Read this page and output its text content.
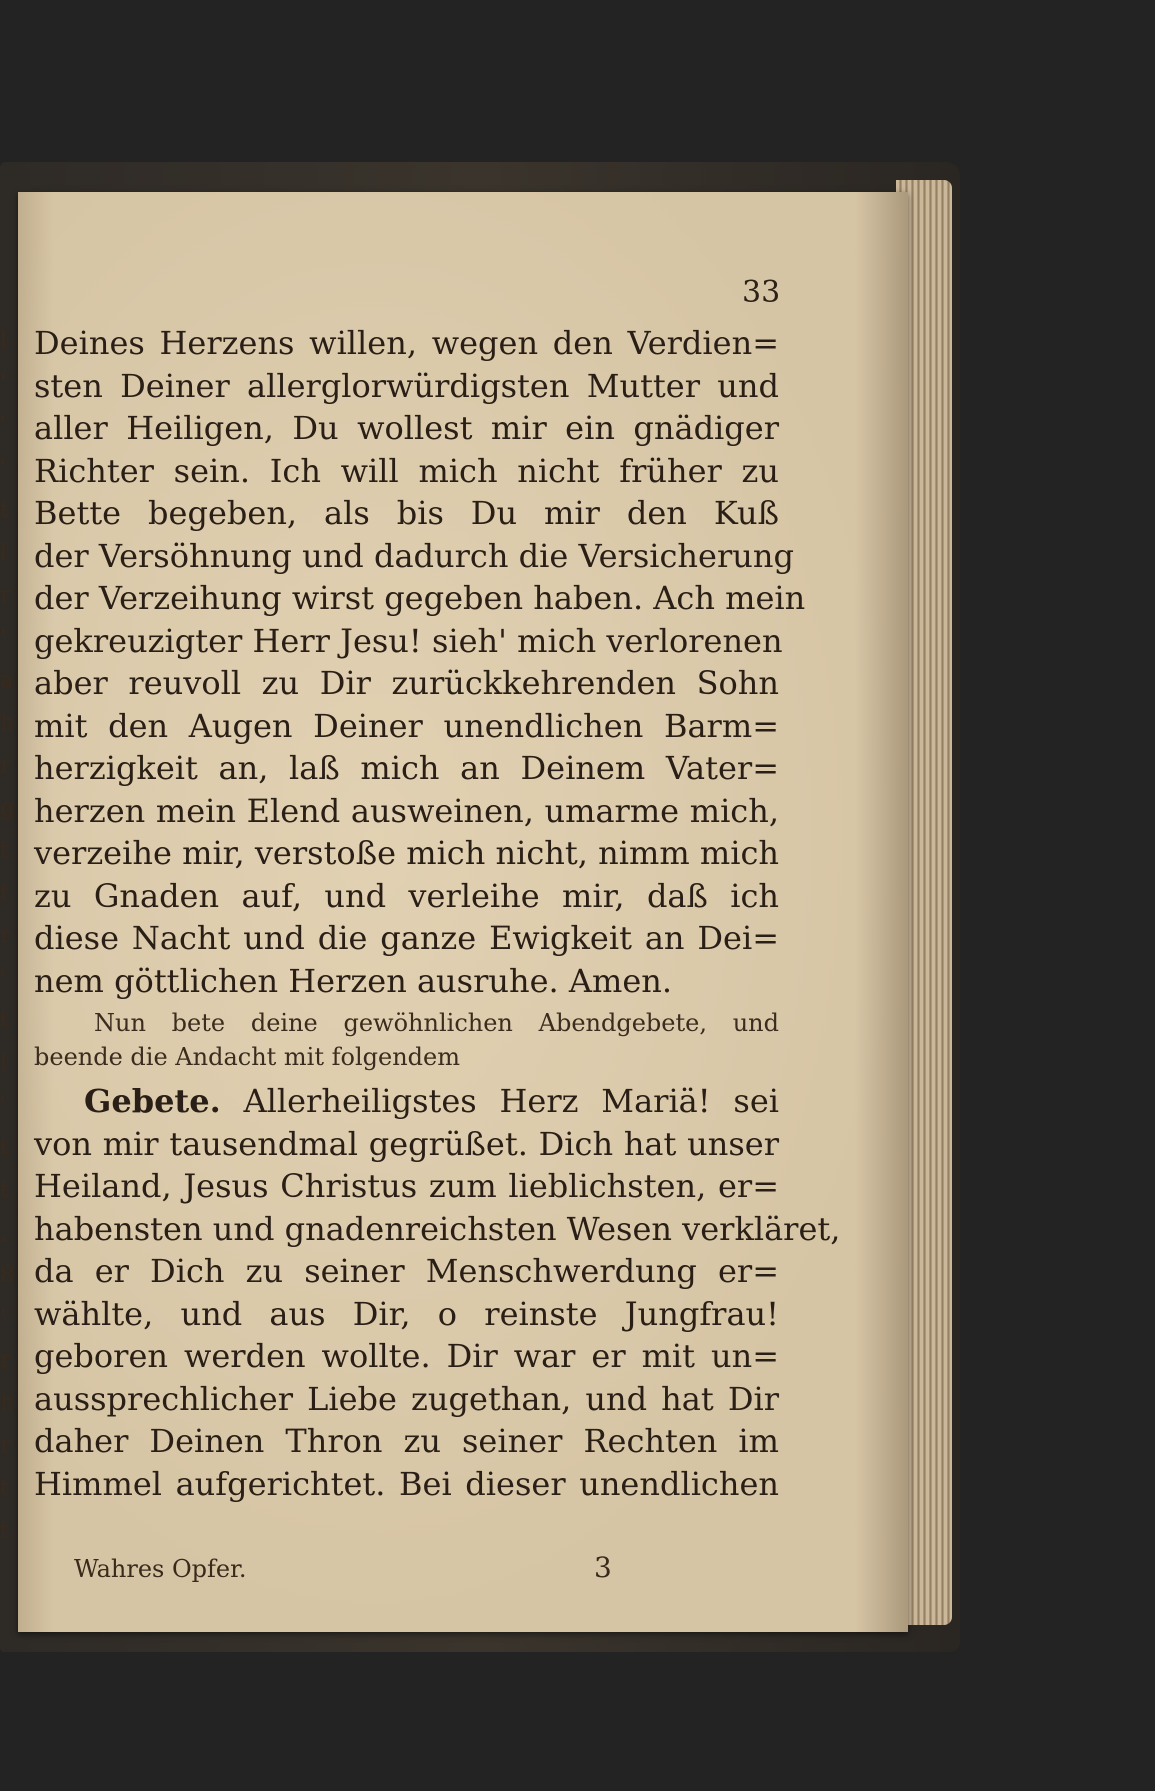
l
'
'
'
t
l
r
'
a
h
r
g
t
t
r
'
t
l
'
t
t
,
8
'
r
h
r
t
t
33
Deines Herzens willen, wegen den Verdien=
sten Deiner allerglorwürdigsten Mutter und
aller Heiligen, Du wollest mir ein gnädiger
Richter sein. Ich will mich nicht früher zu
Bette begeben, als bis Du mir den Kuß
der Versöhnung und dadurch die Versicherung
der Verzeihung wirst gegeben haben. Ach mein
gekreuzigter Herr Jesu! sieh' mich verlorenen
aber reuvoll zu Dir zurückkehrenden Sohn
mit den Augen Deiner unendlichen Barm=
herzigkeit an, laß mich an Deinem Vater=
herzen mein Elend ausweinen, umarme mich,
verzeihe mir, verstoße mich nicht, nimm mich
zu Gnaden auf, und verleihe mir, daß ich
diese Nacht und die ganze Ewigkeit an Dei=
nem göttlichen Herzen ausruhe. Amen.
Nun bete deine gewöhnlichen Abendgebete, und
beende die Andacht mit folgendem
Gebete. Allerheiligstes Herz Mariä! sei
von mir tausendmal gegrüßet. Dich hat unser
Heiland, Jesus Christus zum lieblichsten, er=
habensten und gnadenreichsten Wesen verkläret,
da er Dich zu seiner Menschwerdung er=
wählte, und aus Dir, o reinste Jungfrau!
geboren werden wollte. Dir war er mit un=
aussprechlicher Liebe zugethan, und hat Dir
daher Deinen Thron zu seiner Rechten im
Himmel aufgerichtet. Bei dieser unendlichen
Wahres Opfer.	3
